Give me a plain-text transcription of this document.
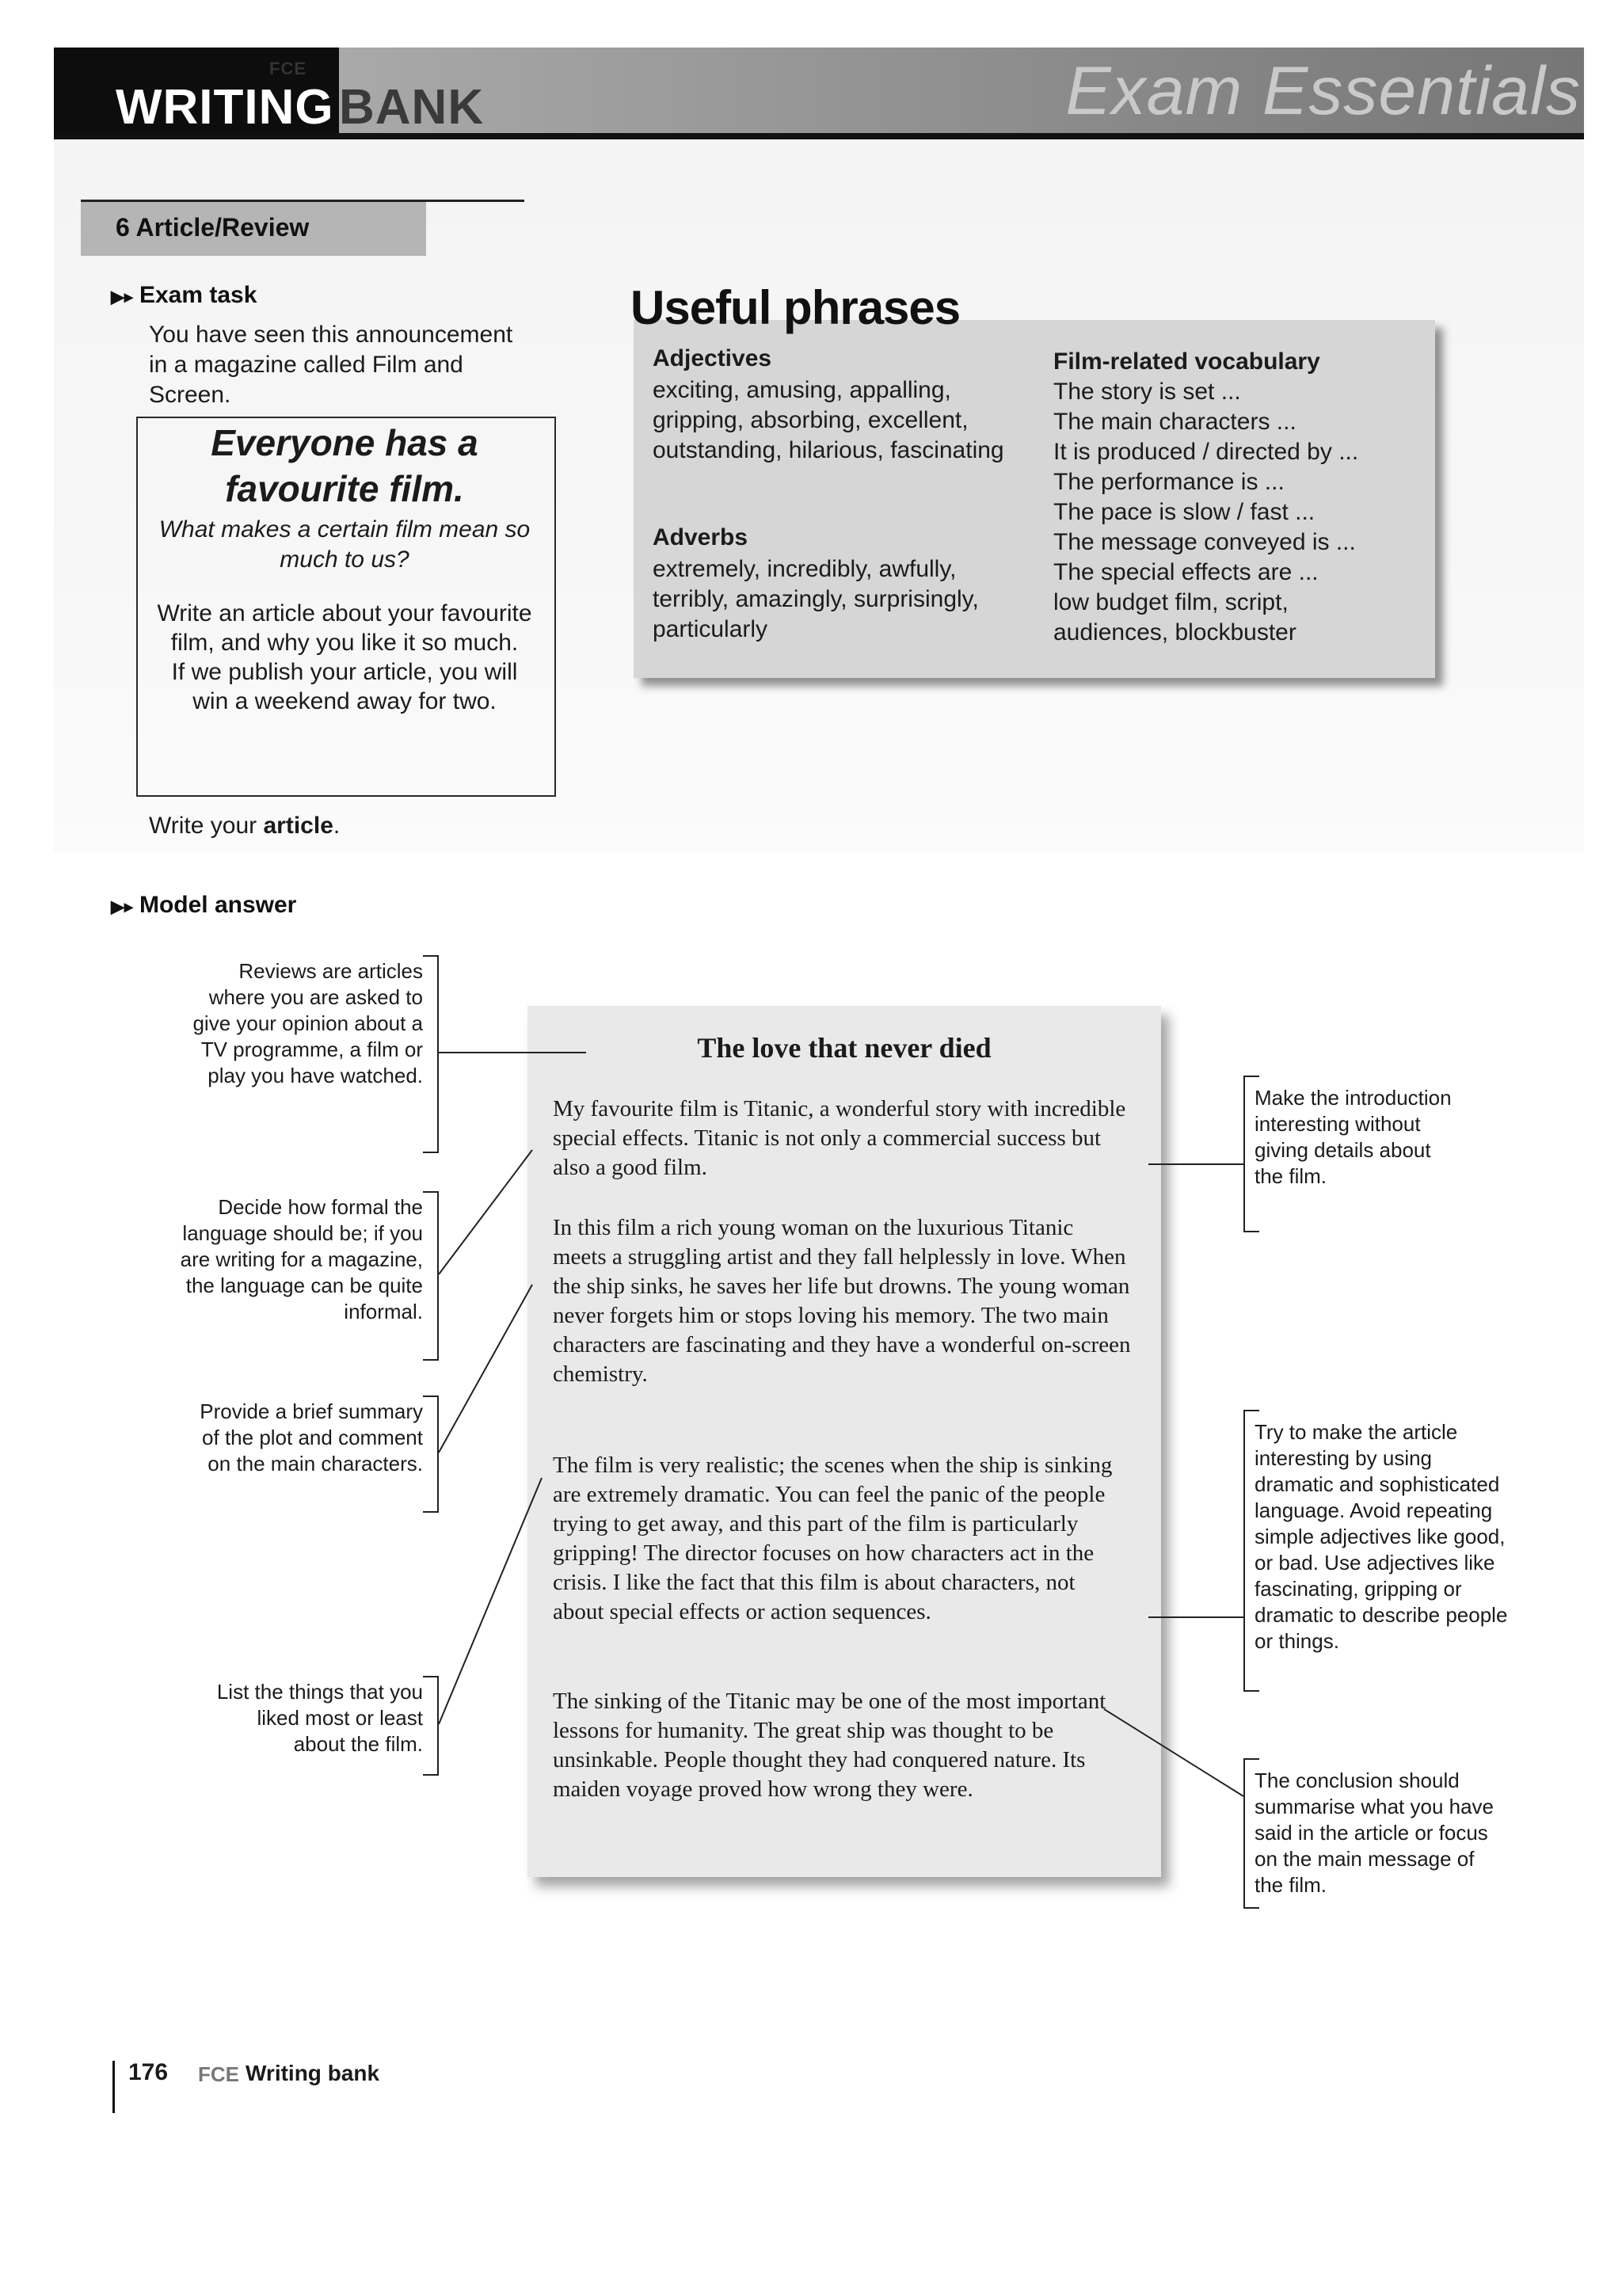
FCE
WRITING BANK	Exam Essentials
6 Article/Review
▶▸ Exam task
You have seen this announcement in a magazine called Film and Screen.
Everyone has a favourite film.
What makes a certain film mean so much to us?
Write an article about your favourite film, and why you like it so much.
If we publish your article, you will win a weekend away for two.
Write your article.
Useful phrases
Adjectives
exciting, amusing, appalling, gripping, absorbing, excellent, outstanding, hilarious, fascinating
Adverbs
extremely, incredibly, awfully, terribly, amazingly, surprisingly, particularly
Film-related vocabulary
The story is set ...
The main characters ...
It is produced / directed by ...
The performance is ...
The pace is slow / fast ...
The message conveyed is ...
The special effects are ...
low budget film, script,
audiences, blockbuster
▶▸ Model answer
The love that never died
My favourite film is Titanic, a wonderful story with incredible special effects. Titanic is not only a commercial success but also a good film.
In this film a rich young woman on the luxurious Titanic meets a struggling artist and they fall helplessly in love. When the ship sinks, he saves her life but drowns. The young woman never forgets him or stops loving his memory. The two main characters are fascinating and they have a wonderful on-screen chemistry.
The film is very realistic; the scenes when the ship is sinking are extremely dramatic. You can feel the panic of the people trying to get away, and this part of the film is particularly gripping! The director focuses on how characters act in the crisis. I like the fact that this film is about characters, not about special effects or action sequences.
The sinking of the Titanic may be one of the most important lessons for humanity. The great ship was thought to be unsinkable. People thought they had conquered nature. Its maiden voyage proved how wrong they were.
Reviews are articles where you are asked to give your opinion about a TV programme, a film or play you have watched.
Decide how formal the language should be; if you are writing for a magazine, the language can be quite informal.
Provide a brief summary of the plot and comment on the main characters.
List the things that you liked most or least about the film.
Make the introduction interesting without giving details about the film.
Try to make the article interesting by using dramatic and sophisticated language. Avoid repeating simple adjectives like good, or bad. Use adjectives like fascinating, gripping or dramatic to describe people or things.
The conclusion should summarise what you have said in the article or focus on the main message of the film.
176 FCE Writing bank
